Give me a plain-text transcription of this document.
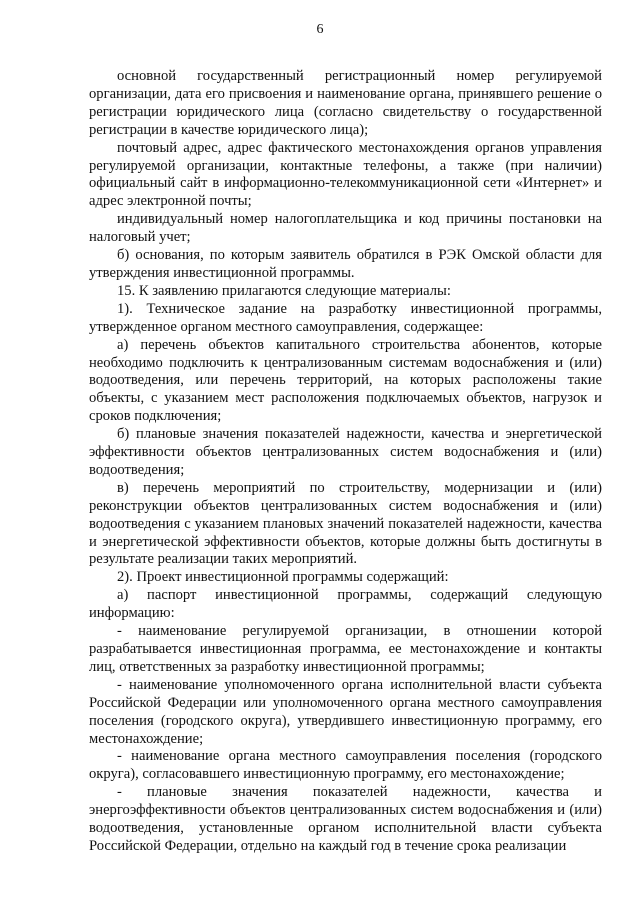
6

основной государственный регистрационный номер регулируемой организации, дата его присвоения и наименование органа, принявшего решение о регистрации юридического лица (согласно свидетельству о государственной регистрации в качестве юридического лица);

почтовый адрес, адрес фактического местонахождения органов управления регулируемой организации, контактные телефоны, а также (при наличии) официальный сайт в информационно-телекоммуникационной сети «Интернет» и адрес электронной почты;

индивидуальный номер налогоплательщика и код причины постановки на налоговый учет;

б) основания, по которым заявитель обратился в РЭК Омской области для утверждения инвестиционной программы.

15. К заявлению прилагаются следующие материалы:

1). Техническое задание на разработку инвестиционной программы, утвержденное органом местного самоуправления, содержащее:

а) перечень объектов капитального строительства абонентов, которые необходимо подключить к централизованным системам водоснабжения и (или) водоотведения, или перечень территорий, на которых расположены такие объекты, с указанием мест расположения подключаемых объектов, нагрузок и сроков подключения;

б) плановые значения показателей надежности, качества и энергетической эффективности объектов централизованных систем водоснабжения и (или) водоотведения;

в) перечень мероприятий по строительству, модернизации и (или) реконструкции объектов централизованных систем водоснабжения и (или) водоотведения с указанием плановых значений показателей надежности, качества и энергетической эффективности объектов, которые должны быть достигнуты в результате реализации таких мероприятий.

2). Проект инвестиционной программы содержащий:

а) паспорт инвестиционной программы, содержащий следующую информацию:

- наименование регулируемой организации, в отношении которой разрабатывается инвестиционная программа, ее местонахождение и контакты лиц, ответственных за разработку инвестиционной программы;

- наименование уполномоченного органа исполнительной власти субъекта Российской Федерации или уполномоченного органа местного самоуправления поселения (городского округа), утвердившего инвестиционную программу, его местонахождение;

- наименование органа местного самоуправления поселения (городского округа), согласовавшего инвестиционную программу, его местонахождение;

- плановые значения показателей надежности, качества и энергоэффективности объектов централизованных систем водоснабжения и (или) водоотведения, установленные органом исполнительной власти субъекта Российской Федерации, отдельно на каждый год в течение срока реализации
